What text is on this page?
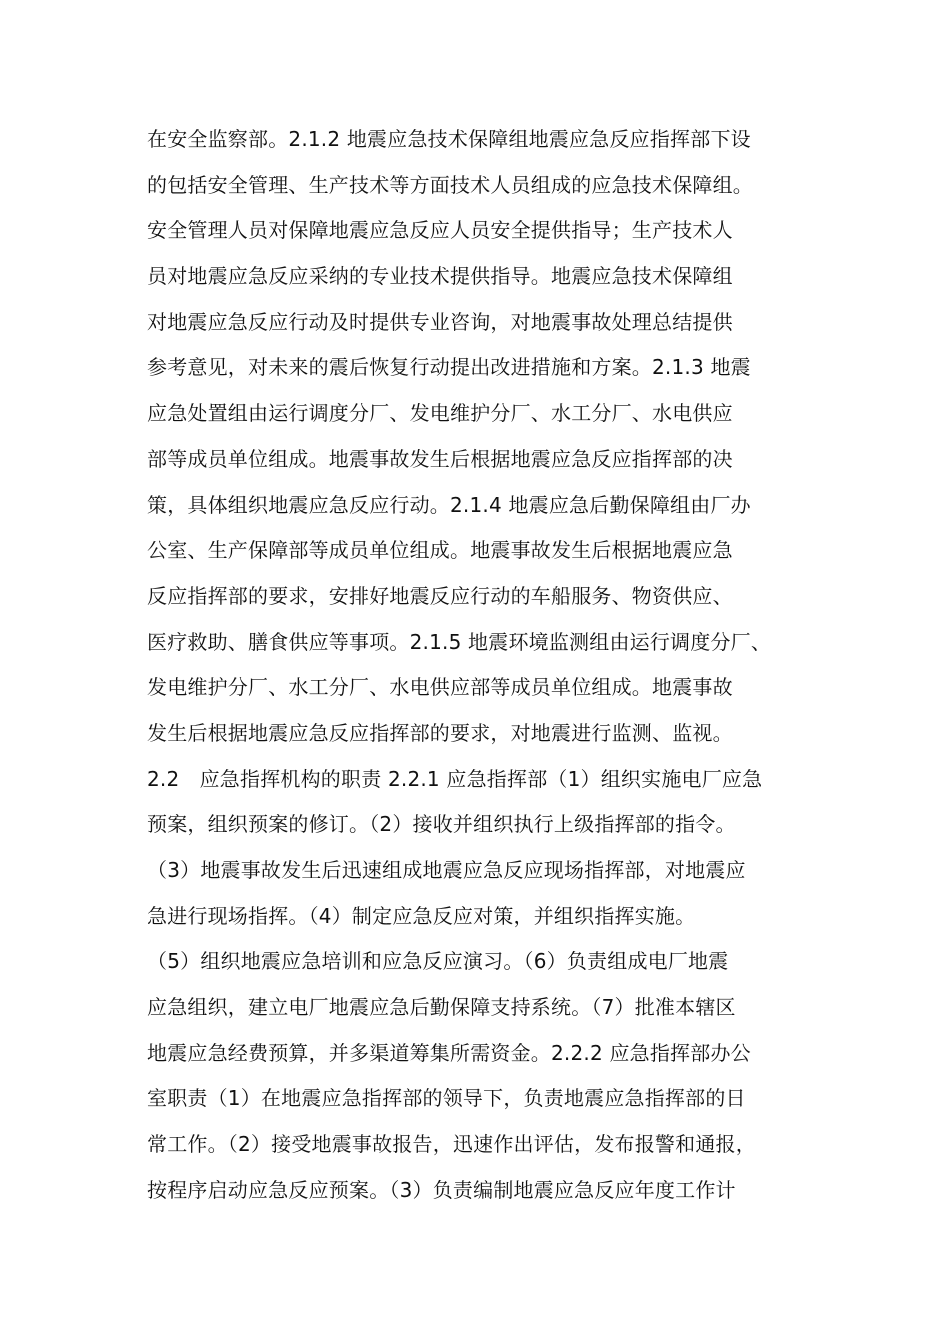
在安全监察部。2.1.2 地震应急技术保障组地震应急反应指挥部下设
的包括安全管理、生产技术等方面技术人员组成的应急技术保障组。
安全管理人员对保障地震应急反应人员安全提供指导；生产技术人
员对地震应急反应采纳的专业技术提供指导。地震应急技术保障组
对地震应急反应行动及时提供专业咨询，对地震事故处理总结提供
参考意见，对未来的震后恢复行动提出改进措施和方案。2.1.3 地震
应急处置组由运行调度分厂、发电维护分厂、水工分厂、水电供应
部等成员单位组成。地震事故发生后根据地震应急反应指挥部的决
策，具体组织地震应急反应行动。2.1.4 地震应急后勤保障组由厂办
公室、生产保障部等成员单位组成。地震事故发生后根据地震应急
反应指挥部的要求，安排好地震反应行动的车船服务、物资供应、
医疗救助、膳食供应等事项。2.1.5 地震环境监测组由运行调度分厂、
发电维护分厂、水工分厂、水电供应部等成员单位组成。地震事故
发生后根据地震应急反应指挥部的要求，对地震进行监测、监视。
2.2　应急指挥机构的职责 2.2.1 应急指挥部（1）组织实施电厂应急
预案，组织预案的修订。（2）接收并组织执行上级指挥部的指令。
（3）地震事故发生后迅速组成地震应急反应现场指挥部，对地震应
急进行现场指挥。（4）制定应急反应对策，并组织指挥实施。
（5）组织地震应急培训和应急反应演习。（6）负责组成电厂地震
应急组织，建立电厂地震应急后勤保障支持系统。（7）批准本辖区
地震应急经费预算，并多渠道筹集所需资金。2.2.2 应急指挥部办公
室职责（1）在地震应急指挥部的领导下，负责地震应急指挥部的日
常工作。（2）接受地震事故报告，迅速作出评估，发布报警和通报，
按程序启动应急反应预案。（3）负责编制地震应急反应年度工作计
